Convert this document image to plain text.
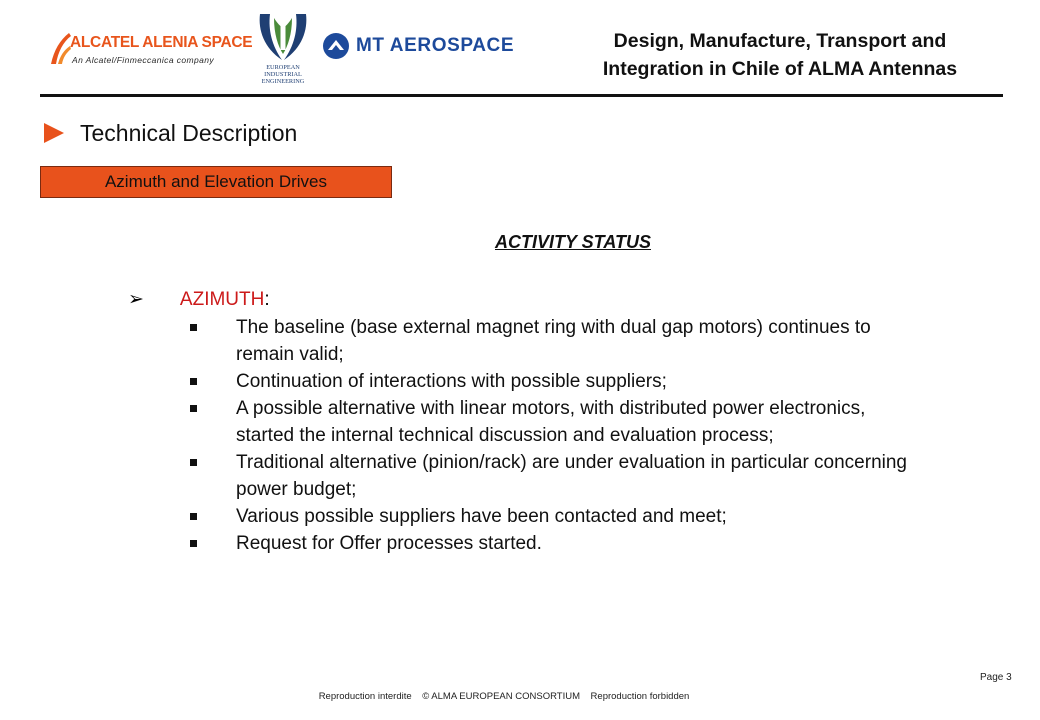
ALCATEL ALENIA SPACE
An Alcatel/Finmeccanica company
EUROPEAN
INDUSTRIAL
ENGINEERING
MT AEROSPACE	Design, Manufacture, Transport and
Integration in Chile of ALMA Antennas
Technical Description
Azimuth and Elevation Drives
ACTIVITY STATUS
➢ AZIMUTH :
The baseline (base external magnet ring with dual gap motors) continues to remain valid;
Continuation of interactions with possible suppliers;
A possible alternative with linear motors, with distributed power electronics, started the internal technical discussion and evaluation process;
Traditional alternative (pinion/rack) are under evaluation in particular concerning power budget;
Various possible suppliers have been contacted and meet;
Request for Offer processes started.
Page 3
Reproduction interdite    © ALMA EUROPEAN CONSORTIUM    Reproduction forbidden
